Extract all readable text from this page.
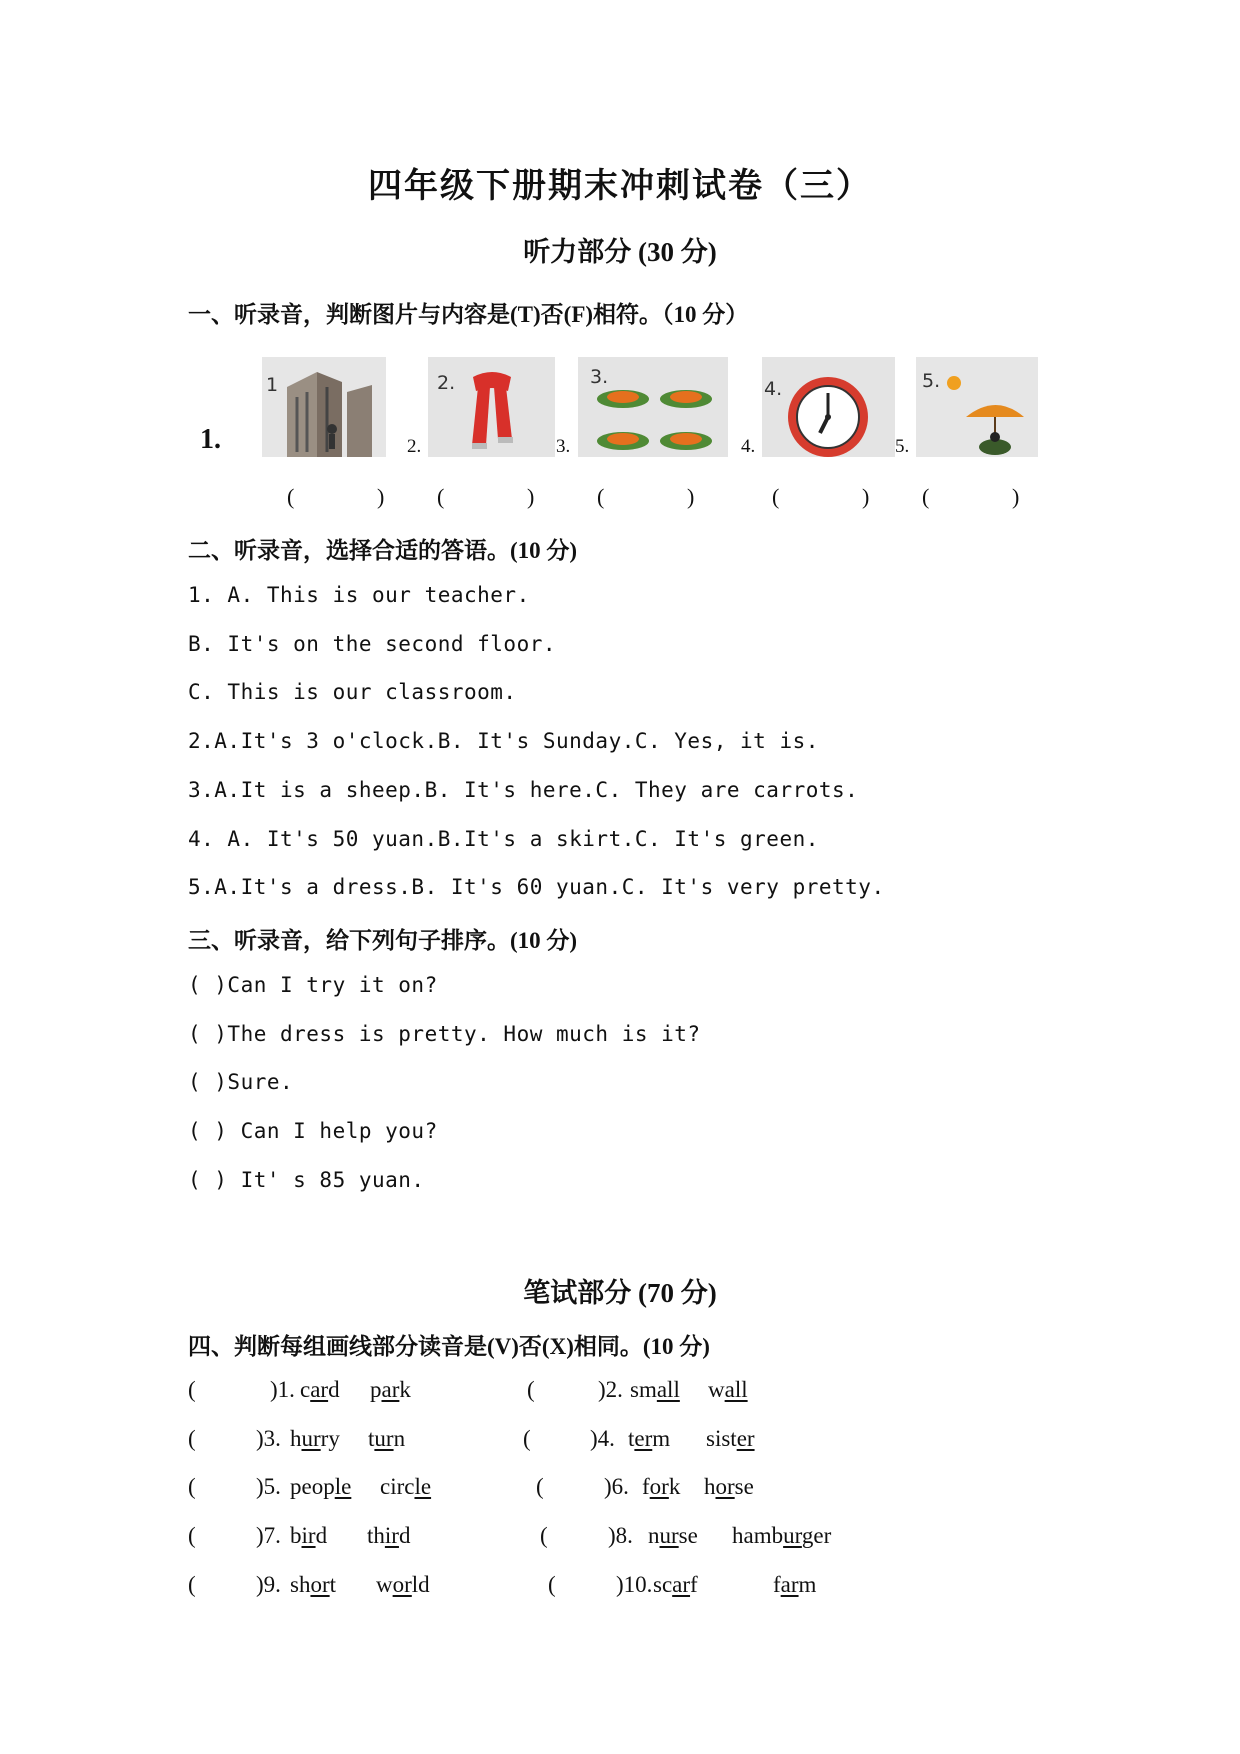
四年级下册期末冲刺试卷（三）
听力部分 (30 分)
一、听录音，判断图片与内容是(T)否(F)相符。（10 分）
1.
1
2.
2.
3.
3.
4.
4.
5.
5.
(	) (	)	(	)	(	) (	)
二、听录音，选择合适的答语。(10 分)
1. A. This is our teacher.
B. It's on the second floor.
C. This is our classroom.
2.A.It's 3 o'clock.B. It's Sunday.C. Yes, it is.
3.A.It is a sheep.B. It's here.C. They are carrots.
4. A. It's 50 yuan.B.It's a skirt.C. It's green.
5.A.It's a dress.B. It's 60 yuan.C. It's very pretty.
三、听录音，给下列句子排序。(10 分)
( )Can I try it on?
( )The dress is pretty. How much is it?
( )Sure.
( ) Can I help you?
( ) It' s 85 yuan.
笔试部分 (70 分)
四、判断每组画线部分读音是(V)否(X)相同。(10 分)
(	)1. card park	(	)2. small wall
(	)3. hurry turn	(	)4. term sister
(	)5. people circle	(	)6. fork horse
(	)7. bird third	(	)8. nurse hamburger
(	)9. short world	(	)10. scarf	farm
